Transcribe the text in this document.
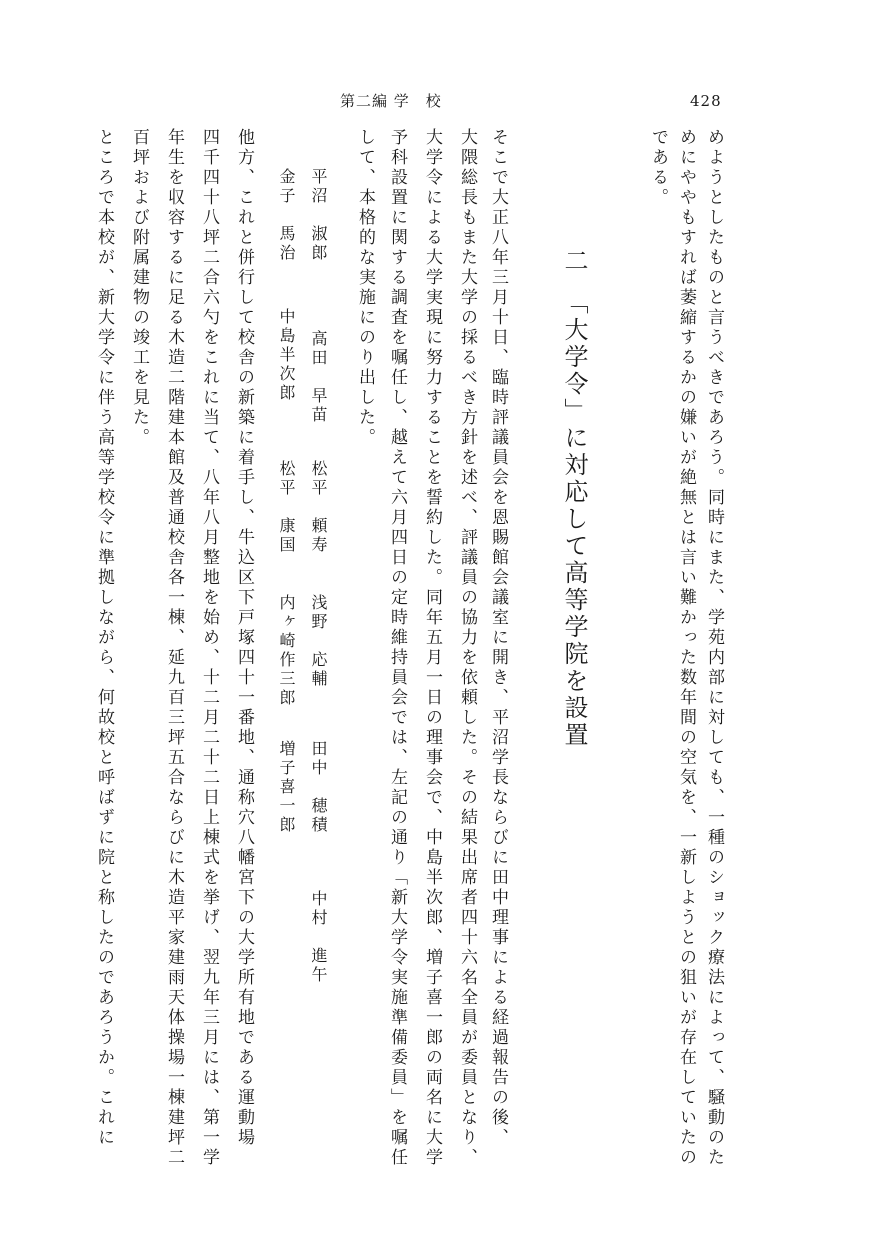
第二編 学　校	428
めようとしたものと言うべきであろう。同時にまた、学苑内部に対しても、一種のショック療法によって、騒動のた
めにややもすれば萎縮するかの嫌いが絶無とは言い難かった数年間の空気を、一新しようとの狙いが存在していたの
である。
二　「大学令」に対応して高等学院を設置
そこで大正八年三月十日、臨時評議員会を恩賜館会議室に開き、平沼学長ならびに田中理事による経過報告の後、
大隈総長もまた大学の採るべき方針を述べ、評議員の協力を依頼した。その結果出席者四十六名全員が委員となり、
大学令による大学実現に努力することを誓約した。同年五月一日の理事会で、中島半次郎、増子喜一郎の両名に大学
予科設置に関する調査を嘱任し、越えて六月四日の定時維持員会では、左記の通り「新大学令実施準備委員」を嘱任
して、本格的な実施にのり出した。
平沼　淑郎
高田　早苗
松平　頼寿
浅野　応輔
田中　穂積
中村　進午
金子　馬治
中島半次郎
松平　康国
内ヶ崎作三郎
増子喜一郎
他方、これと併行して校舎の新築に着手し、牛込区下戸塚四十一番地、通称穴八幡宮下の大学所有地である運動場
四千四十八坪二合六勺をこれに当て、八年八月整地を始め、十二月二十二日上棟式を挙げ、翌九年三月には、第一学
年生を収容するに足る木造二階建本館及普通校舎各一棟、延九百三坪五合ならびに木造平家建雨天体操場一棟建坪二
百坪および附属建物の竣工を見た。
ところで本校が、新大学令に伴う高等学校令に準拠しながら、何故校と呼ばずに院と称したのであろうか。これに
